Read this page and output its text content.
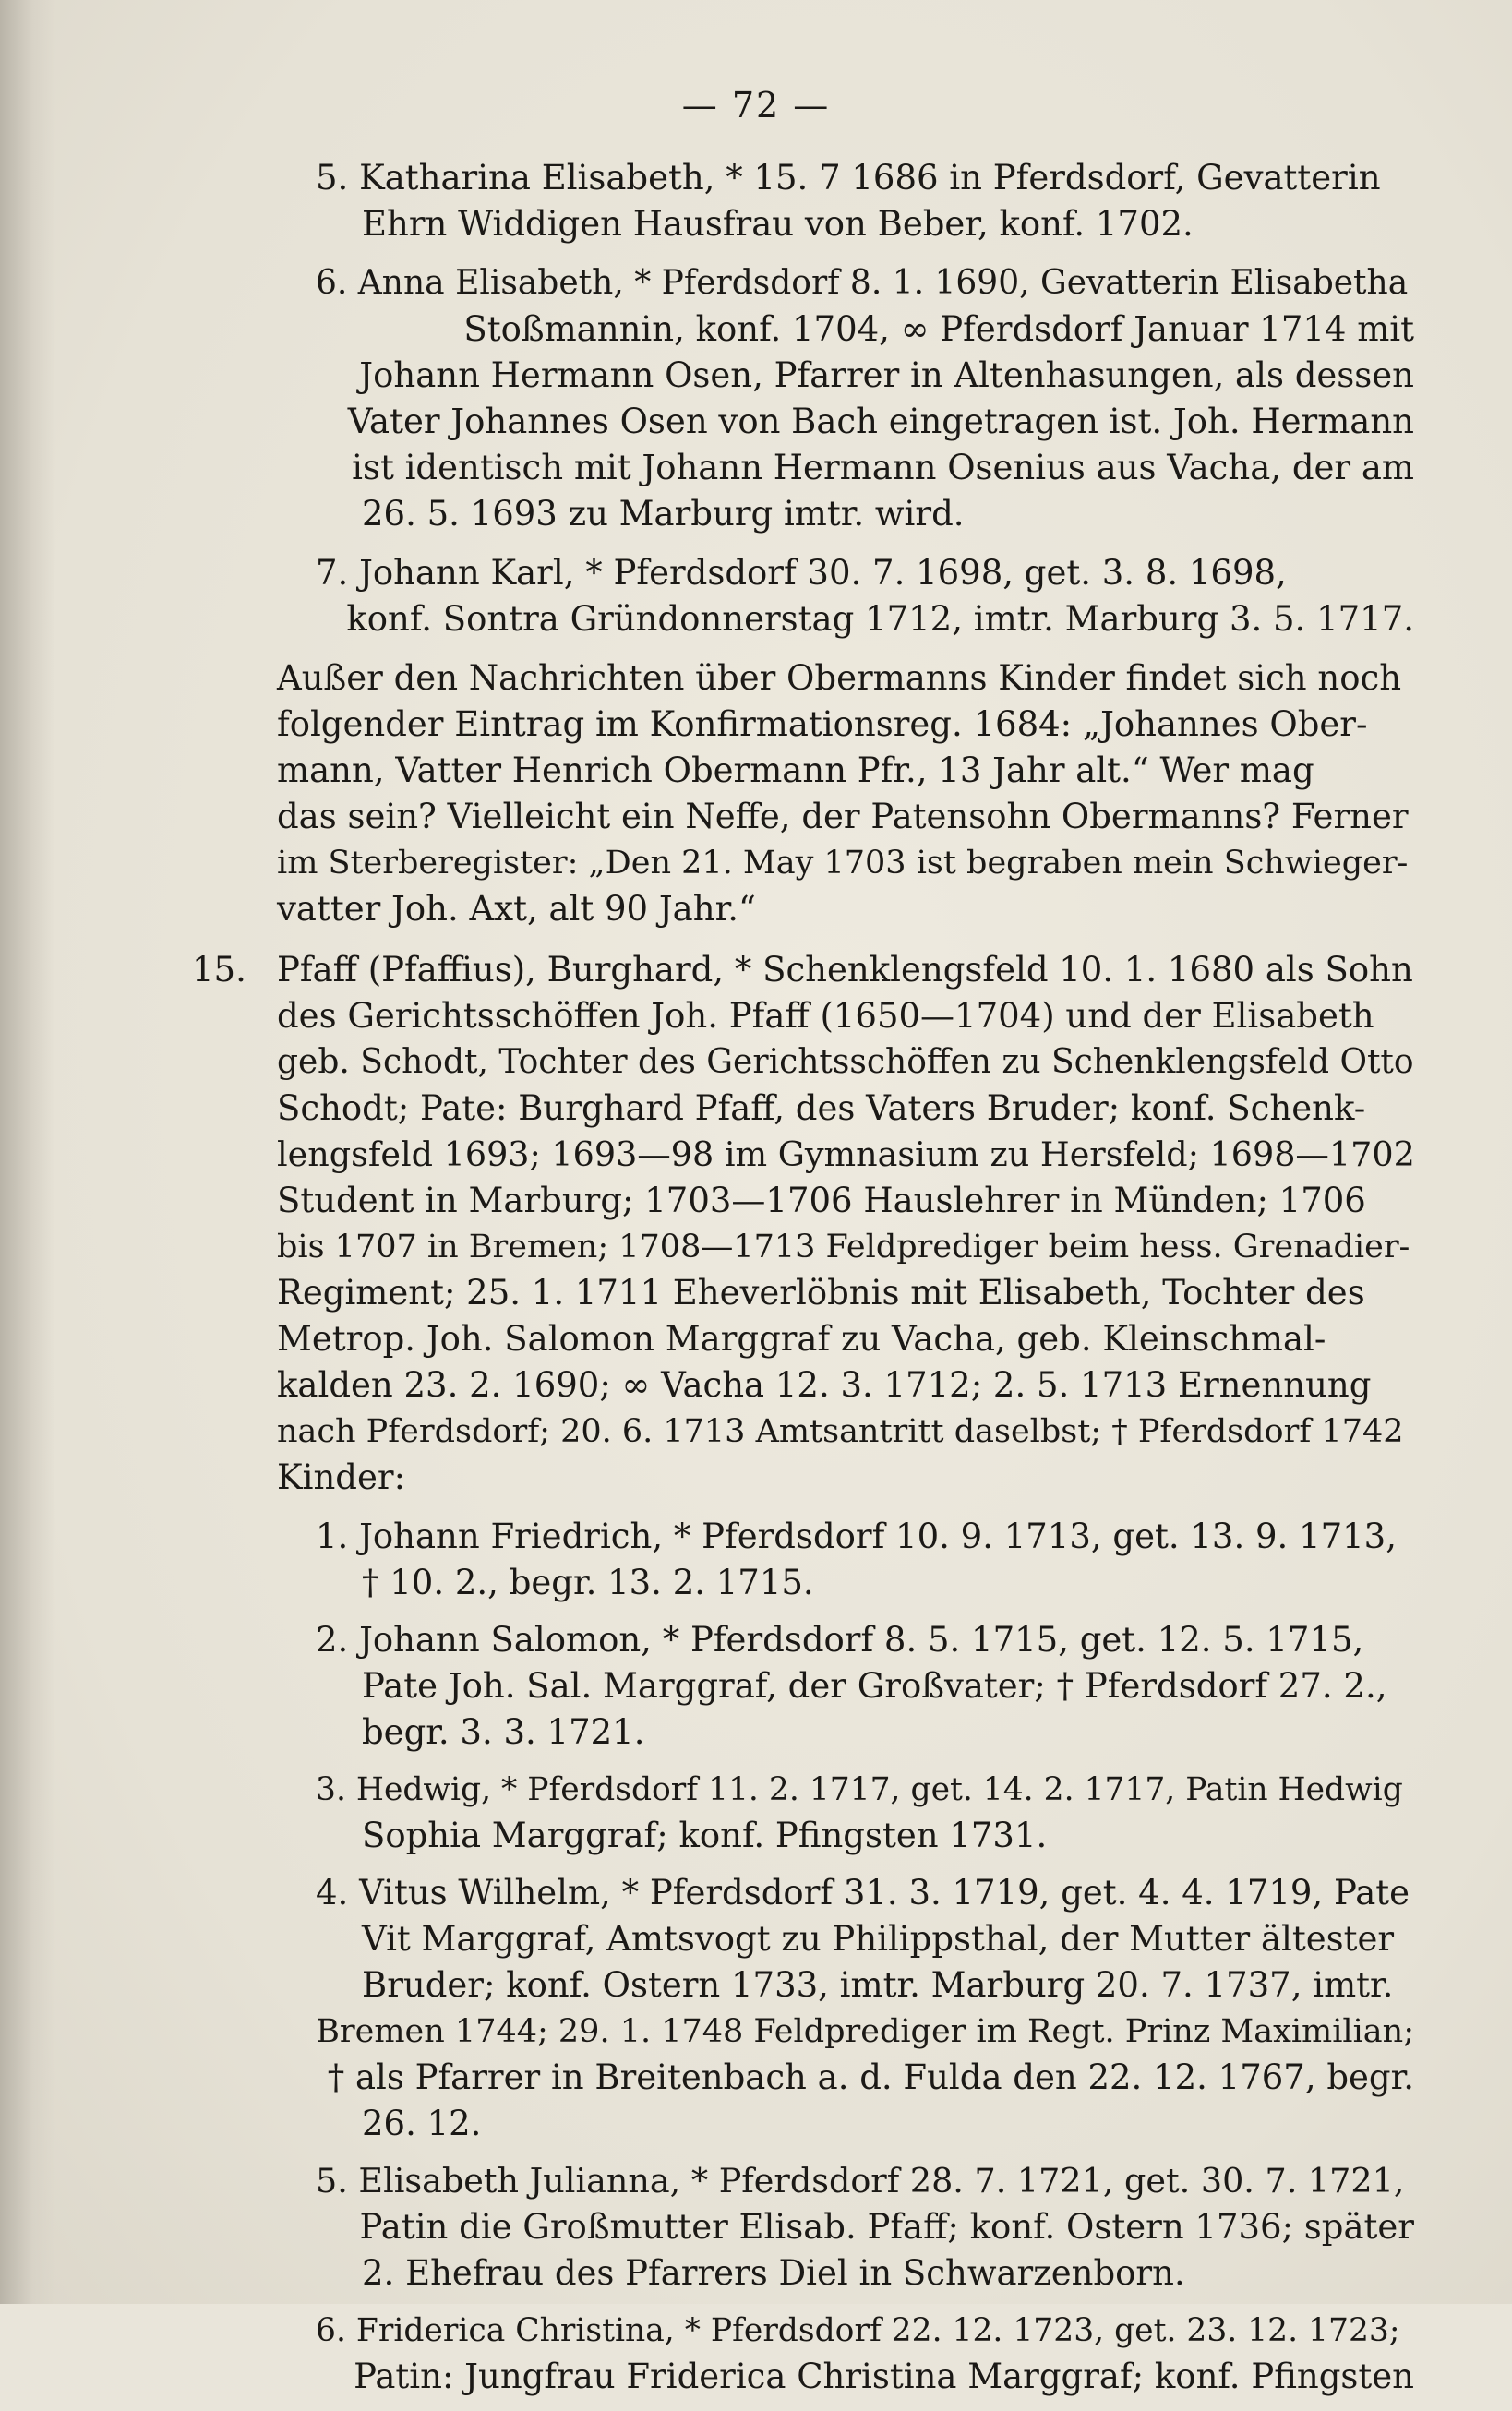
— 72 —
5. Katharina Elisabeth, * 15. 7 1686 in Pferdsdorf, Gevatterin
Ehrn Widdigen Hausfrau von Beber, konf. 1702.
6. Anna Elisabeth, * Pferdsdorf 8. 1. 1690, Gevatterin Elisabetha
Stoßmannin, konf. 1704, ∞ Pferdsdorf Januar 1714 mit
Johann Hermann Osen, Pfarrer in Altenhasungen, als dessen
Vater Johannes Osen von Bach eingetragen ist. Joh. Hermann
ist identisch mit Johann Hermann Osenius aus Vacha, der am
26. 5. 1693 zu Marburg imtr. wird.
7. Johann Karl, * Pferdsdorf 30. 7. 1698, get. 3. 8. 1698,
konf. Sontra Gründonnerstag 1712, imtr. Marburg 3. 5. 1717.
Außer den Nachrichten über Obermanns Kinder findet sich noch
folgender Eintrag im Konfirmationsreg. 1684: „Johannes Ober-
mann, Vatter Henrich Obermann Pfr., 13 Jahr alt.“ Wer mag
das sein? Vielleicht ein Neffe, der Patensohn Obermanns? Ferner
im Sterberegister: „Den 21. May 1703 ist begraben mein Schwieger-
vatter Joh. Axt, alt 90 Jahr.“
15. Pfaff (Pfaffius), Burghard, * Schenklengsfeld 10. 1. 1680 als Sohn
des Gerichtsschöffen Joh. Pfaff (1650—1704) und der Elisabeth
geb. Schodt, Tochter des Gerichtsschöffen zu Schenklengsfeld Otto
Schodt; Pate: Burghard Pfaff, des Vaters Bruder; konf. Schenk-
lengsfeld 1693; 1693—98 im Gymnasium zu Hersfeld; 1698—1702
Student in Marburg; 1703—1706 Hauslehrer in Münden; 1706
bis 1707 in Bremen; 1708—1713 Feldprediger beim hess. Grenadier-
Regiment; 25. 1. 1711 Eheverlöbnis mit Elisabeth, Tochter des
Metrop. Joh. Salomon Marggraf zu Vacha, geb. Kleinschmal-
kalden 23. 2. 1690; ∞ Vacha 12. 3. 1712; 2. 5. 1713 Ernennung
nach Pferdsdorf; 20. 6. 1713 Amtsantritt daselbst; † Pferdsdorf 1742
Kinder:
1. Johann Friedrich, * Pferdsdorf 10. 9. 1713, get. 13. 9. 1713,
† 10. 2., begr. 13. 2. 1715.
2. Johann Salomon, * Pferdsdorf 8. 5. 1715, get. 12. 5. 1715,
Pate Joh. Sal. Marggraf, der Großvater; † Pferdsdorf 27. 2.,
begr. 3. 3. 1721.
3. Hedwig, * Pferdsdorf 11. 2. 1717, get. 14. 2. 1717, Patin Hedwig
Sophia Marggraf; konf. Pfingsten 1731.
4. Vitus Wilhelm, * Pferdsdorf 31. 3. 1719, get. 4. 4. 1719, Pate
Vit Marggraf, Amtsvogt zu Philippsthal, der Mutter ältester
Bruder; konf. Ostern 1733, imtr. Marburg 20. 7. 1737, imtr.
Bremen 1744; 29. 1. 1748 Feldprediger im Regt. Prinz Maximilian;
† als Pfarrer in Breitenbach a. d. Fulda den 22. 12. 1767, begr.
26. 12.
5. Elisabeth Julianna, * Pferdsdorf 28. 7. 1721, get. 30. 7. 1721,
Patin die Großmutter Elisab. Pfaff; konf. Ostern 1736; später
2. Ehefrau des Pfarrers Diel in Schwarzenborn.
6. Friderica Christina, * Pferdsdorf 22. 12. 1723, get. 23. 12. 1723;
Patin: Jungfrau Friderica Christina Marggraf; konf. Pfingsten
